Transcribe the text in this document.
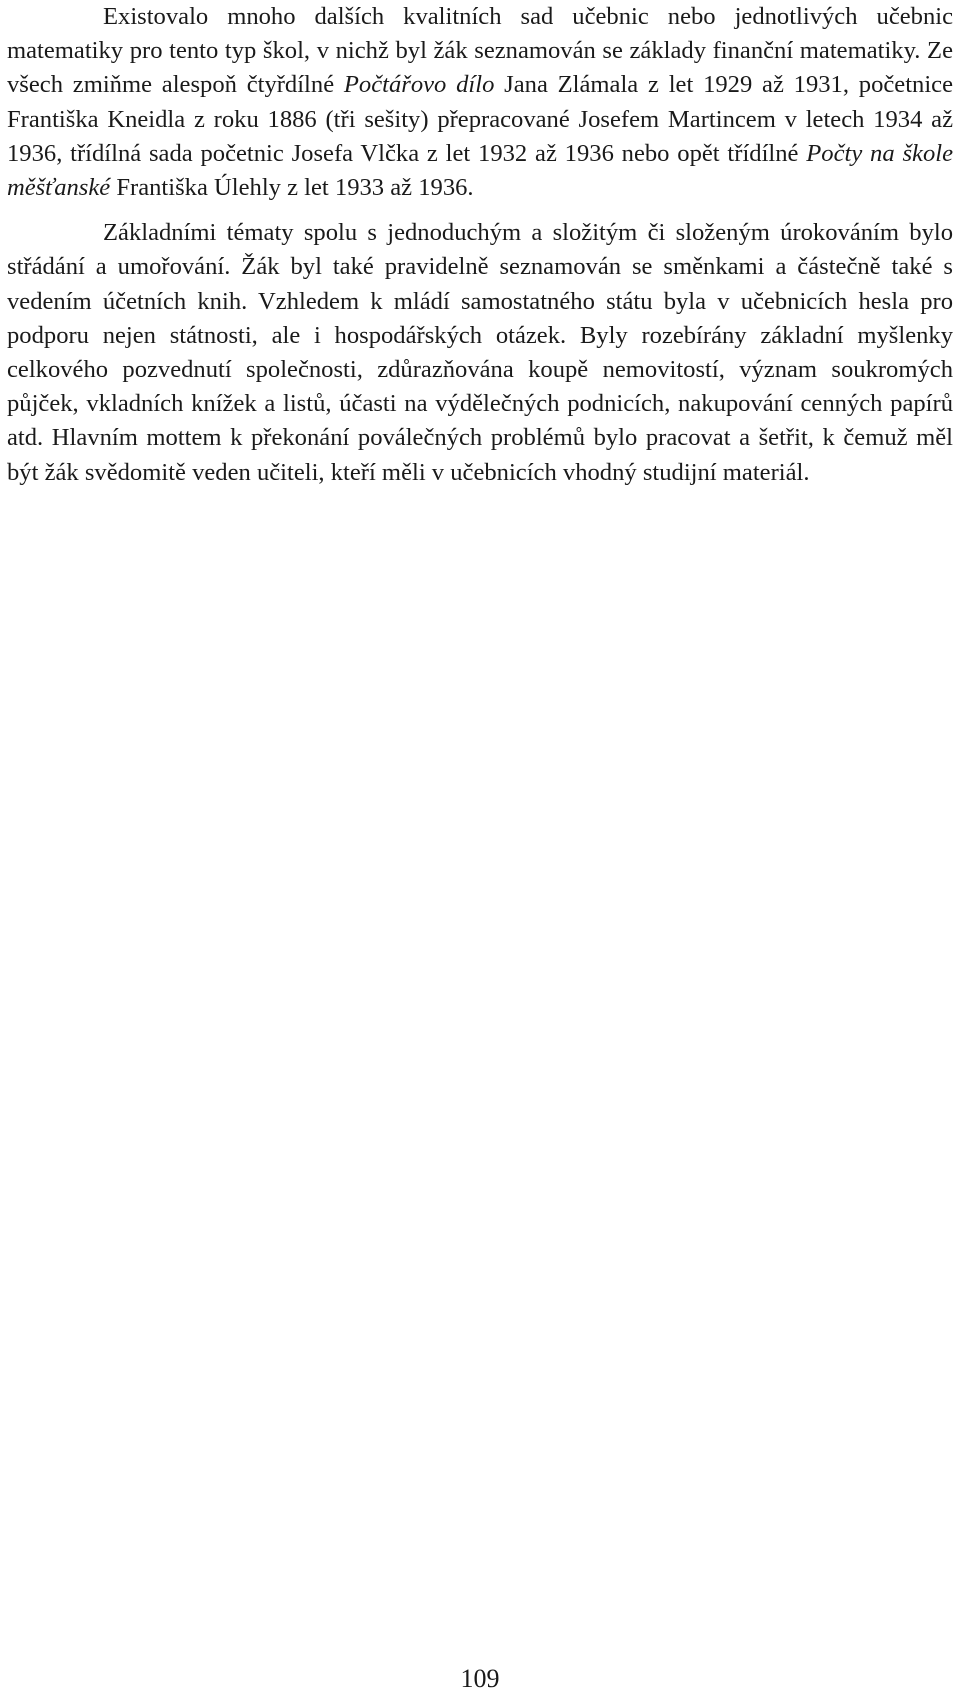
Existovalo mnoho dalších kvalitních sad učebnic nebo jednotlivých učebnic matematiky pro tento typ škol, v nichž byl žák seznamován se základy finanční matematiky. Ze všech zmiňme alespoň čtyřdílné Počtářovo dílo Jana Zlámala z let 1929 až 1931, početnice Františka Kneidla z roku 1886 (tři sešity) přepracované Josefem Martincem v letech 1934 až 1936, třídílná sada početnic Josefa Vlčka z let 1932 až 1936 nebo opět třídílné Počty na škole měšťanské Františka Úlehly z let 1933 až 1936.

Základními tématy spolu s jednoduchým a složitým či složeným úrokováním bylo střádání a umořování. Žák byl také pravidelně seznamován se směnkami a částečně také s vedením účetních knih. Vzhledem k mládí samostatného státu byla v učebnicích hesla pro podporu nejen státnosti, ale i hospodářských otázek. Byly rozebírány základní myšlenky celkového pozvednutí společnosti, zdůrazňována koupě nemovitostí, význam soukromých půjček, vkladních knížek a listů, účasti na výdělečných podnicích, nakupování cenných papírů atd. Hlavním mottem k překonání poválečných problémů bylo pracovat a šetřit, k čemuž měl být žák svědomitě veden učiteli, kteří měli v učebnicích vhodný studijní materiál.

109
